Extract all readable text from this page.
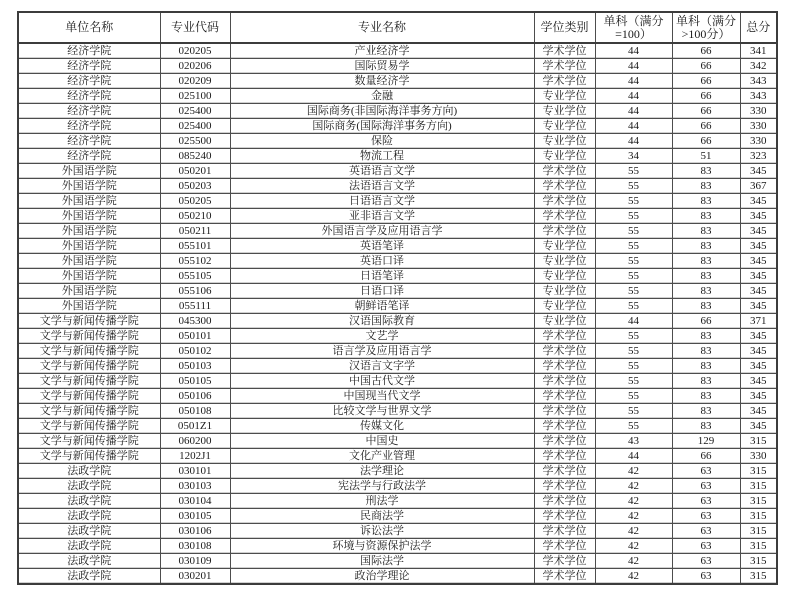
单位名称	专业代码	专业名称	学位类别	单科（满分=100）	单科（满分>100分）	总分
经济学院	020205	产业经济学	学术学位	44	66	341
经济学院	020206	国际贸易学	学术学位	44	66	342
经济学院	020209	数量经济学	学术学位	44	66	343
经济学院	025100	金融	专业学位	44	66	343
经济学院	025400	国际商务(非国际海洋事务方向)	专业学位	44	66	330
经济学院	025400	国际商务(国际海洋事务方向)	专业学位	44	66	330
经济学院	025500	保险	专业学位	44	66	330
经济学院	085240	物流工程	专业学位	34	51	323
外国语学院	050201	英语语言文学	学术学位	55	83	345
外国语学院	050203	法语语言文学	学术学位	55	83	367
外国语学院	050205	日语语言文学	学术学位	55	83	345
外国语学院	050210	亚非语言文学	学术学位	55	83	345
外国语学院	050211	外国语言学及应用语言学	学术学位	55	83	345
外国语学院	055101	英语笔译	专业学位	55	83	345
外国语学院	055102	英语口译	专业学位	55	83	345
外国语学院	055105	日语笔译	专业学位	55	83	345
外国语学院	055106	日语口译	专业学位	55	83	345
外国语学院	055111	朝鲜语笔译	专业学位	55	83	345
文学与新闻传播学院	045300	汉语国际教育	专业学位	44	66	371
文学与新闻传播学院	050101	文艺学	学术学位	55	83	345
文学与新闻传播学院	050102	语言学及应用语言学	学术学位	55	83	345
文学与新闻传播学院	050103	汉语言文字学	学术学位	55	83	345
文学与新闻传播学院	050105	中国古代文学	学术学位	55	83	345
文学与新闻传播学院	050106	中国现当代文学	学术学位	55	83	345
文学与新闻传播学院	050108	比较文学与世界文学	学术学位	55	83	345
文学与新闻传播学院	0501Z1	传媒文化	学术学位	55	83	345
文学与新闻传播学院	060200	中国史	学术学位	43	129	315
文学与新闻传播学院	1202J1	文化产业管理	学术学位	44	66	330
法政学院	030101	法学理论	学术学位	42	63	315
法政学院	030103	宪法学与行政法学	学术学位	42	63	315
法政学院	030104	刑法学	学术学位	42	63	315
法政学院	030105	民商法学	学术学位	42	63	315
法政学院	030106	诉讼法学	学术学位	42	63	315
法政学院	030108	环境与资源保护法学	学术学位	42	63	315
法政学院	030109	国际法学	学术学位	42	63	315
法政学院	030201	政治学理论	学术学位	42	63	315
